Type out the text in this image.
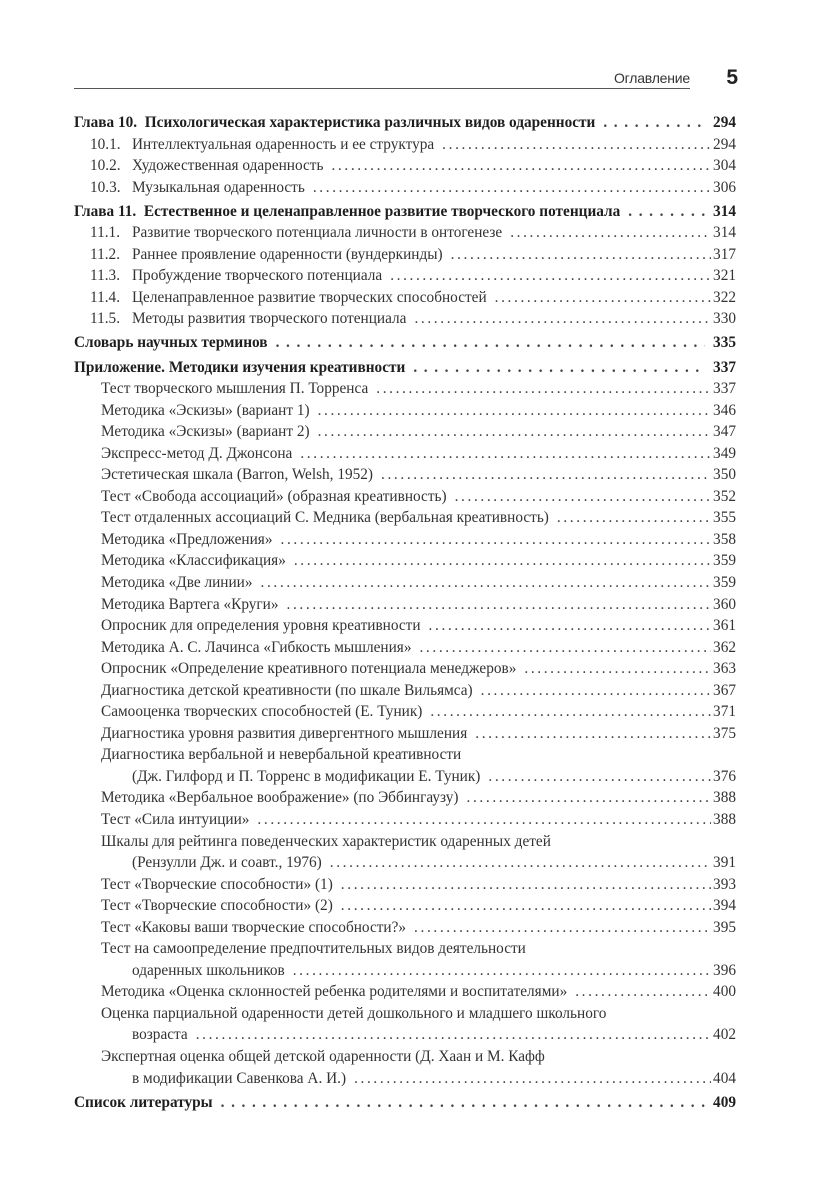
Оглавление 5
Глава 10. Психологическая характеристика различных видов одаренности . . .	294
10.1. Интеллектуальная одаренность и ее структура . . .	294
10.2. Художественная одаренность . . .	304
10.3. Музыкальная одаренность . . .	306
Глава 11. Естественное и целенаправленное развитие творческого потенциала . . .	314
11.1. Развитие творческого потенциала личности в онтогенезе . . .	314
11.2. Раннее проявление одаренности (вундеркинды) . . .	317
11.3. Пробуждение творческого потенциала . . .	321
11.4. Целенаправленное развитие творческих способностей . . .	322
11.5. Методы развития творческого потенциала . . .	330
Словарь научных терминов . . .	335
Приложение. Методики изучения креативности . . .	337
Тест творческого мышления П. Торренса . . .	337
Методика «Эскизы» (вариант 1) . . .	346
Методика «Эскизы» (вариант 2) . . .	347
Экспресс-метод Д. Джонсона . . .	349
Эстетическая шкала (Barron, Welsh, 1952) . . .	350
Тест «Свобода ассоциаций» (образная креативность) . . .	352
Тест отдаленных ассоциаций С. Медника (вербальная креативность) . . .	355
Методика «Предложения» . . .	358
Методика «Классификация» . . .	359
Методика «Две линии» . . .	359
Методика Вартега «Круги» . . .	360
Опросник для определения уровня креативности . . .	361
Методика А. С. Лачинса «Гибкость мышления» . . .	362
Опросник «Определение креативного потенциала менеджеров» . . .	363
Диагностика детской креативности (по шкале Вильямса) . . .	367
Самооценка творческих способностей (Е. Туник) . . .	371
Диагностика уровня развития дивергентного мышления . . .	375
Диагностика вербальной и невербальной креативности
(Дж. Гилфорд и П. Торренс в модификации Е. Туник) . . .	376
Методика «Вербальное воображение» (по Эббингаузу) . . .	388
Тест «Сила интуиции» . . .	388
Шкалы для рейтинга поведенческих характеристик одаренных детей
(Рензулли Дж. и соавт., 1976) . . .	391
Тест «Творческие способности» (1) . . .	393
Тест «Творческие способности» (2) . . .	394
Тест «Каковы ваши творческие способности?» . . .	395
Тест на самоопределение предпочтительных видов деятельности
одаренных школьников . . .	396
Методика «Оценка склонностей ребенка родителями и воспитателями» . . .	400
Оценка парциальной одаренности детей дошкольного и младшего школьного
возраста . . .	402
Экспертная оценка общей детской одаренности (Д. Хаан и М. Кафф
в модификации Савенкова А. И.) . . .	404
Список литературы . . .	409
